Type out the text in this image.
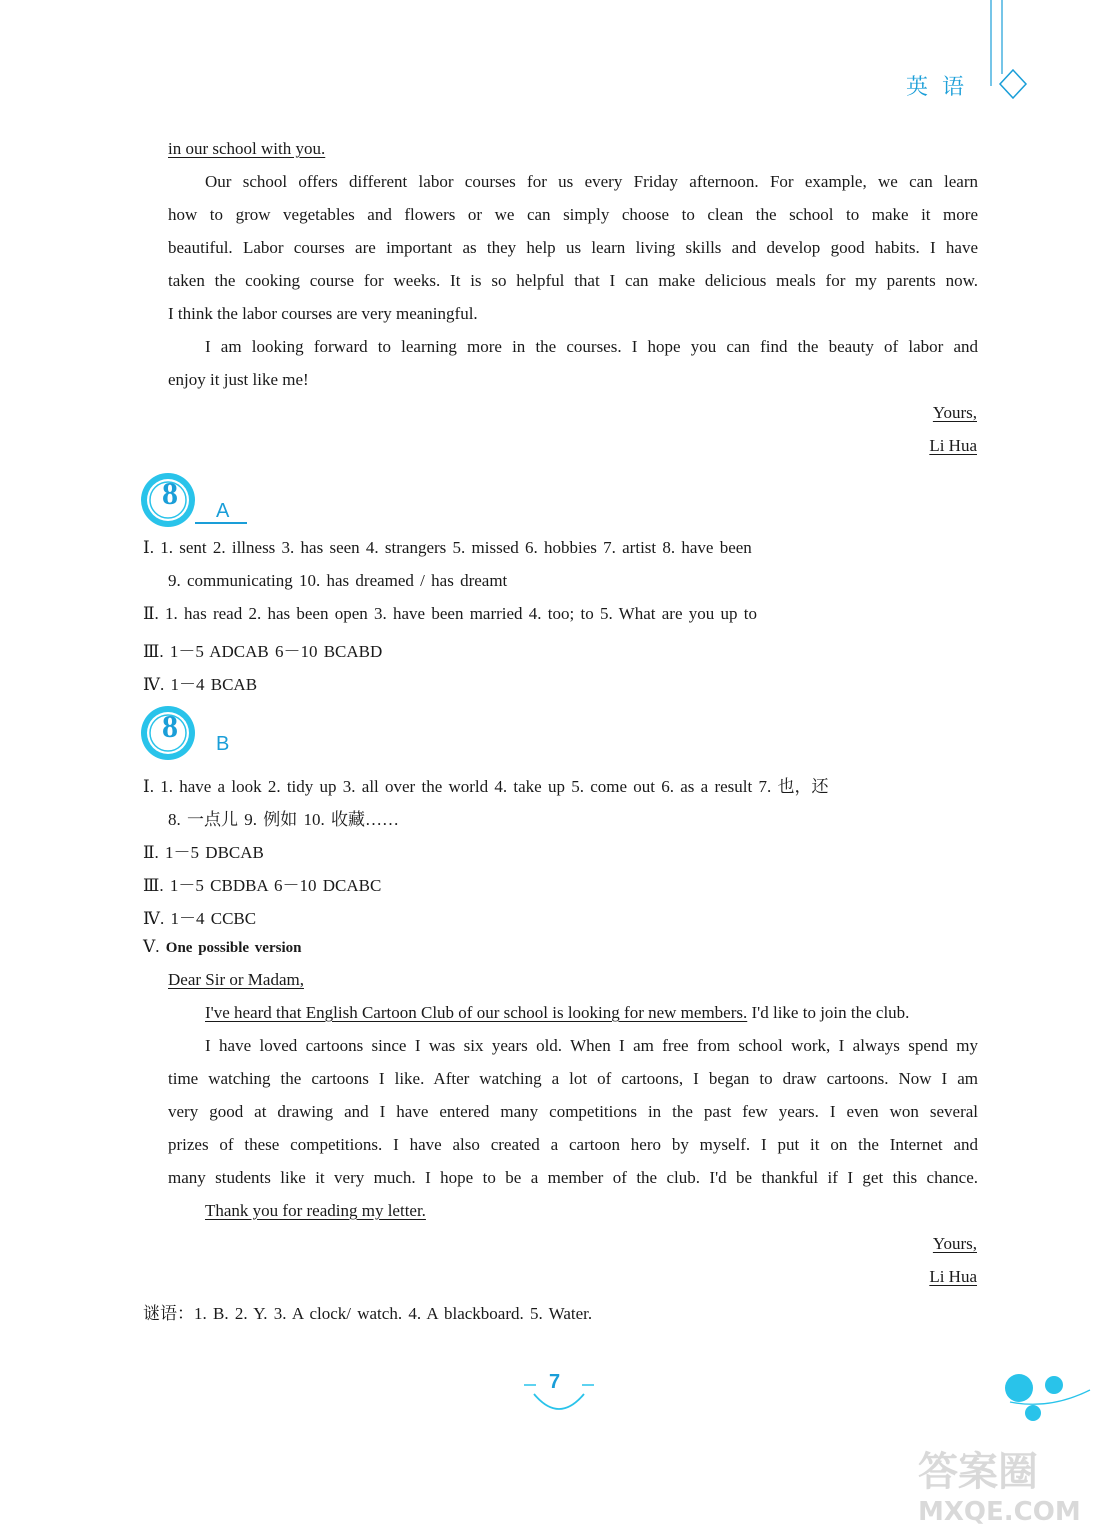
英语
in our school with you.
Our school offers different labor courses for us every Friday afternoon. For example, we can learn
how to grow vegetables and flowers or we can simply choose to clean the school to make it more
beautiful. Labor courses are important as they help us learn living skills and develop good habits. I have
taken the cooking course for weeks. It is so helpful that I can make delicious meals for my parents now.
I think the labor courses are very meaningful.
I am looking forward to learning more in the courses. I hope you can find the beauty of labor and
enjoy it just like me!
Yours,
Li Hua
8 A
Ⅰ. 1. sent 2. illness 3. has seen 4. strangers 5. missed 6. hobbies 7. artist 8. have been
9. communicating 10. has dreamed / has dreamt
Ⅱ. 1. has read 2. has been open 3. have been married 4. too; to 5. What are you up to
Ⅲ. 1－5 ADCAB 6－10 BCABD
Ⅳ. 1－4 BCAB
8 B
Ⅰ. 1. have a look 2. tidy up 3. all over the world 4. take up 5. come out 6. as a result 7. 也，还
8. 一点儿 9. 例如 10. 收藏……
Ⅱ. 1－5 DBCAB
Ⅲ. 1－5 CBDBA 6－10 DCABC
Ⅳ. 1－4 CCBC
Ⅴ. One possible version
Dear Sir or Madam,
I've heard that English Cartoon Club of our school is looking for new members. I'd like to join the club.
I have loved cartoons since I was six years old. When I am free from school work, I always spend my
time watching the cartoons I like. After watching a lot of cartoons, I began to draw cartoons. Now I am
very good at drawing and I have entered many competitions in the past few years. I even won several
prizes of these competitions. I have also created a cartoon hero by myself. I put it on the Internet and
many students like it very much. I hope to be a member of the club. I'd be thankful if I get this chance.
Thank you for reading my letter.
Yours,
Li Hua
谜语：1. B. 2. Y. 3. A clock/ watch. 4. A blackboard. 5. Water.
7
答案圈
MXQE.COM
